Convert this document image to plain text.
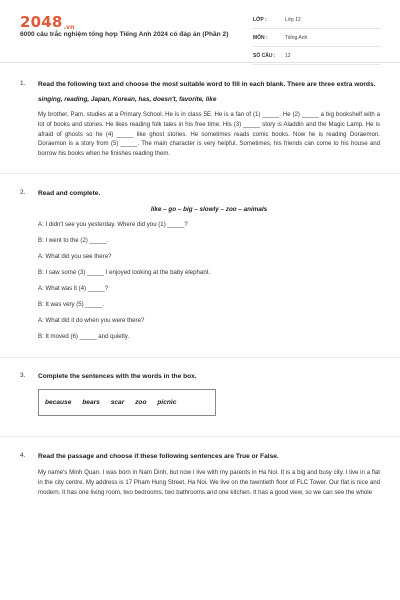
2048.vn
6000 câu trắc nghiệm tổng hợp Tiếng Anh 2024 có đáp án (Phần 2)
LỚP :	Lớp 12
MÔN :	Tiếng Anh
SỐ CÂU : 12
1. Read the following text and choose the most suitable word to fill in each blank. There are three extra words.
singing, reading, Japan, Korean, has, doesn't, favorite, like
My brother, Pam, studies at a Primary School. He is in class 5E. He is a fan of (1) _____. He (2) _____ a big bookshelf with a lot of books and stories. He likes reading folk tales in his free time. His (3) _____ story is Aladdin and the Magic Lamp. He is afraid of ghosts so he (4) _____ like ghost stories. He sometimes reads comic books. Now he is reading Doraemon. Doraemon is a story from (5) _____. The main character is very helpful. Sometimes, his friends can come to his house and borrow his books when he finishes reading them.
2. Read and complete.
like – go – big – slowly – zoo – animals
A: I didn't see you yesterday. Where did you (1) _____?
B: I went to the (2) _____.
A: What did you see there?
B: I saw some (3) _____ I enjoyed looking at the baby elephant.
A: What was it (4) _____?
B: It was very (5) _____.
A: What did it do when you were there?
B: It moved (6) _____ and quietly.
3. Complete the sentences with the words in the box.
because bears scar zoo picnic
4. Read the passage and choose if these following sentences are True or False.
My name's Minh Quan. I was born in Nam Dinh, but now I live with my parents in Ha Noi. It is a big and busy city. I live in a flat in the city centre. My address is 17 Pham Hung Street, Ha Noi. We live on the twentieth floor of FLC Tower. Our flat is nice and modern. It has one living room, two bedrooms, two bathrooms and one kitchen. It has a good view, so we can see the whole
